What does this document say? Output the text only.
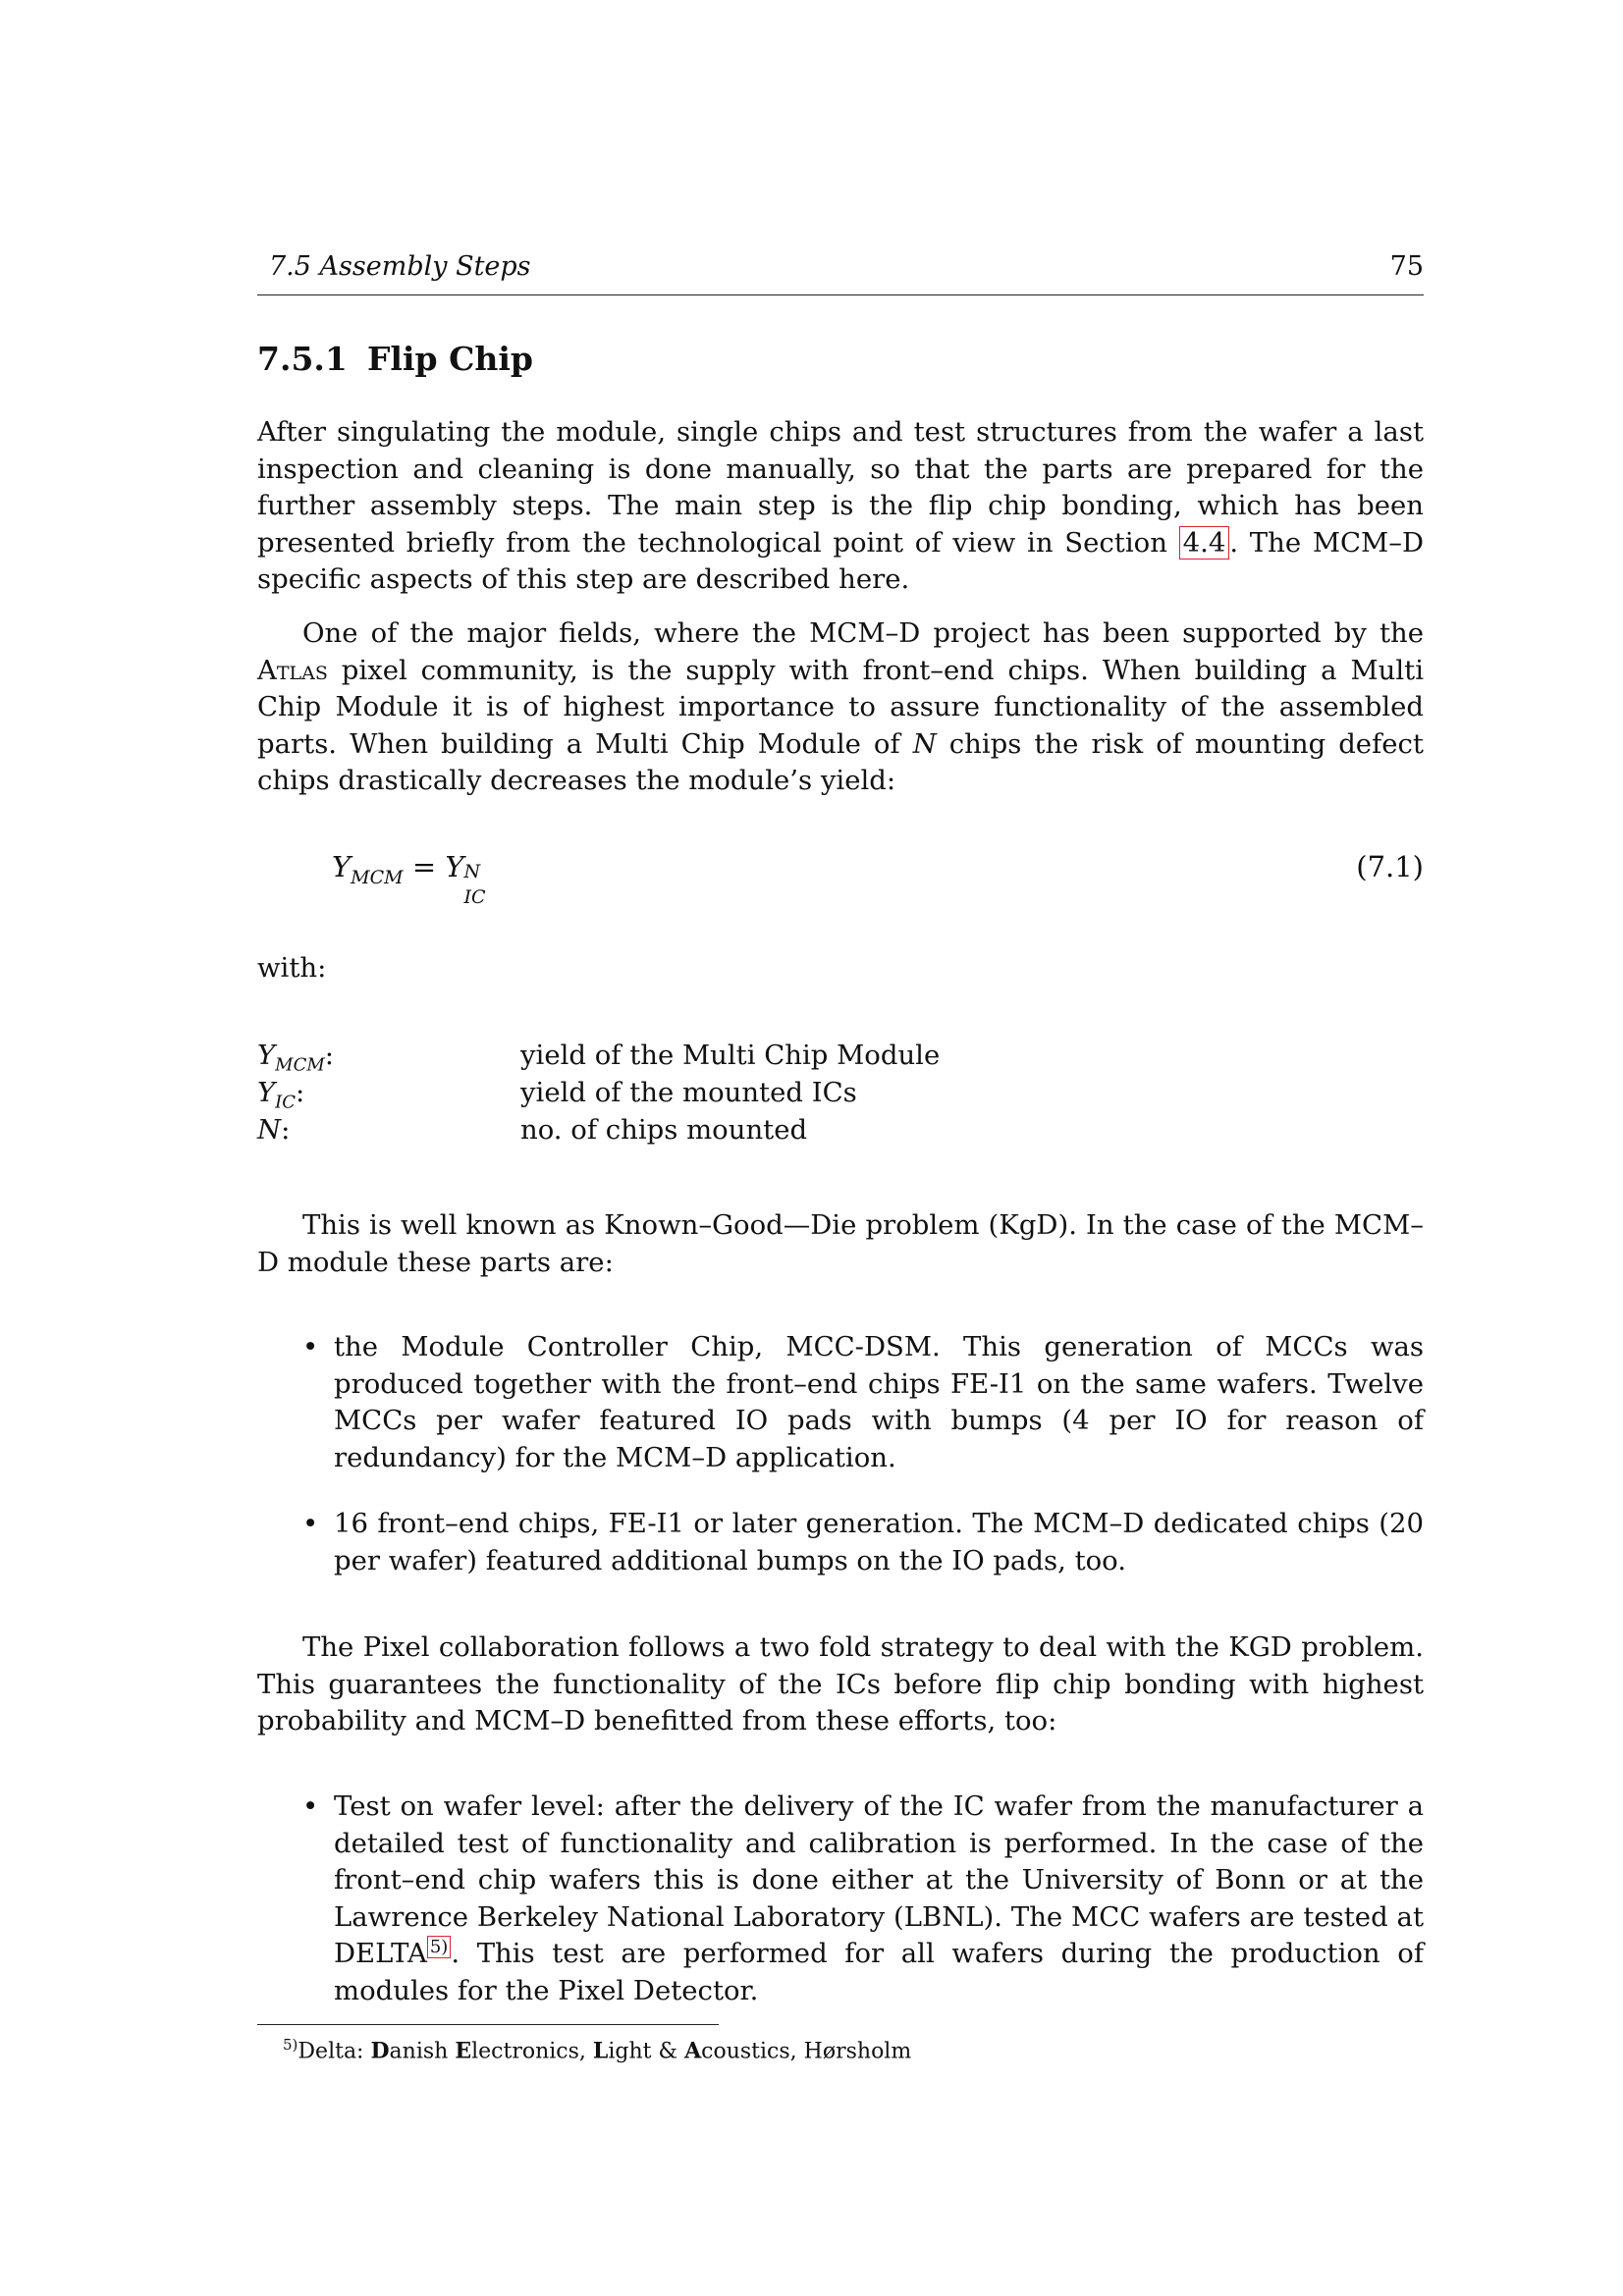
7.5 Assembly Steps	75
7.5.1 Flip Chip

After singulating the module, single chips and test structures from the wafer a last inspection and cleaning is done manually, so that the parts are prepared for the further assembly steps. The main step is the flip chip bonding, which has been presented briefly from the technological point of view in Section 4.4 . The MCM–D specific aspects of this step are described here.

One of the major fields, where the MCM–D project has been supported by the Atlas pixel community, is the supply with front–end chips. When building a Multi Chip Module it is of highest importance to assure functionality of the assembled parts. When building a Multi Chip Module of N chips the risk of mounting defect chips drastically decreases the module’s yield:

$Y_{MCM} = Y$ N
IC
(7.1)
with:
$Y_{MCM}$:	yield of the Multi Chip Module
$Y_{IC}$:	yield of the mounted ICs
N:	no. of chips mounted

This is well known as Known–Good—Die problem (KgD). In the case of the MCM–D module these parts are:

• the Module Controller Chip, MCC-DSM. This generation of MCCs was produced together with the front–end chips FE-I1 on the same wafers. Twelve MCCs per wafer featured IO pads with bumps (4 per IO for reason of redundancy) for the MCM–D application.
• 16 front–end chips, FE-I1 or later generation. The MCM–D dedicated chips (20 per wafer) featured additional bumps on the IO pads, too.

The Pixel collaboration follows a two fold strategy to deal with the KGD problem. This guarantees the functionality of the ICs before flip chip bonding with highest probability and MCM–D benefitted from these efforts, too:

• Test on wafer level: after the delivery of the IC wafer from the manufacturer a detailed test of functionality and calibration is performed. In the case of the front–end chip wafers this is done either at the University of Bonn or at the Lawrence Berkeley National Laboratory (LBNL). The MCC wafers are tested at DELTA $^{5)}$ . This test are performed for all wafers during the production of modules for the Pixel Detector.
$^{5)}$Delta: Danish Electronics, Light & Acoustics, Hørsholm
